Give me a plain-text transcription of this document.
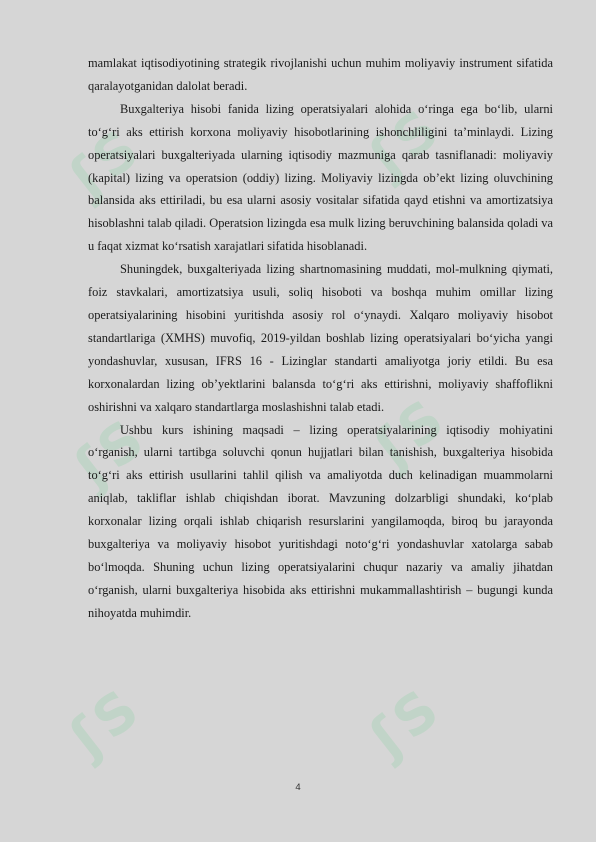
ʃS	ʃS
ʃS	ʃS
ʃS	ʃS

mamlakat iqtisodiyotining strategik rivojlanishi uchun muhim moliyaviy instrument sifatida qaralayotganidan dalolat beradi.

Buxgalteriya hisobi fanida lizing operatsiyalari alohida o‘ringa ega bo‘lib, ularni to‘g‘ri aks ettirish korxona moliyaviy hisobotlarining ishonchliligini ta’minlaydi. Lizing operatsiyalari buxgalteriyada ularning iqtisodiy mazmuniga qarab tasniflanadi: moliyaviy (kapital) lizing va operatsion (oddiy) lizing. Moliyaviy lizingda ob’ekt lizing oluvchining balansida aks ettiriladi, bu esa ularni asosiy vositalar sifatida qayd etishni va amortizatsiya hisoblashni talab qiladi. Operatsion lizingda esa mulk lizing beruvchining balansida qoladi va u faqat xizmat ko‘rsatish xarajatlari sifatida hisoblanadi.

Shuningdek, buxgalteriyada lizing shartnomasining muddati, mol-mulkning qiymati, foiz stavkalari, amortizatsiya usuli, soliq hisoboti va boshqa muhim omillar lizing operatsiyalarining hisobini yuritishda asosiy rol o‘ynaydi. Xalqaro moliyaviy hisobot standartlariga (XMHS) muvofiq, 2019-yildan boshlab lizing operatsiyalari bo‘yicha yangi yondashuvlar, xususan, IFRS 16 - Lizinglar standarti amaliyotga joriy etildi. Bu esa korxonalardan lizing ob’yektlarini balansda to‘g‘ri aks ettirishni, moliyaviy shaffoflikni oshirishni va xalqaro standartlarga moslashishni talab etadi.

Ushbu kurs ishining maqsadi – lizing operatsiyalarining iqtisodiy mohiyatini o‘rganish, ularni tartibga soluvchi qonun hujjatlari bilan tanishish, buxgalteriya hisobida to‘g‘ri aks ettirish usullarini tahlil qilish va amaliyotda duch kelinadigan muammolarni aniqlab, takliflar ishlab chiqishdan iborat. Mavzuning dolzarbligi shundaki, ko‘plab korxonalar lizing orqali ishlab chiqarish resurslarini yangilamoqda, biroq bu jarayonda buxgalteriya va moliyaviy hisobot yuritishdagi noto‘g‘ri yondashuvlar xatolarga sabab bo‘lmoqda. Shuning uchun lizing operatsiyalarini chuqur nazariy va amaliy jihatdan o‘rganish, ularni buxgalteriya hisobida aks ettirishni mukammallashtirish – bugungi kunda nihoyatda muhimdir.

4
